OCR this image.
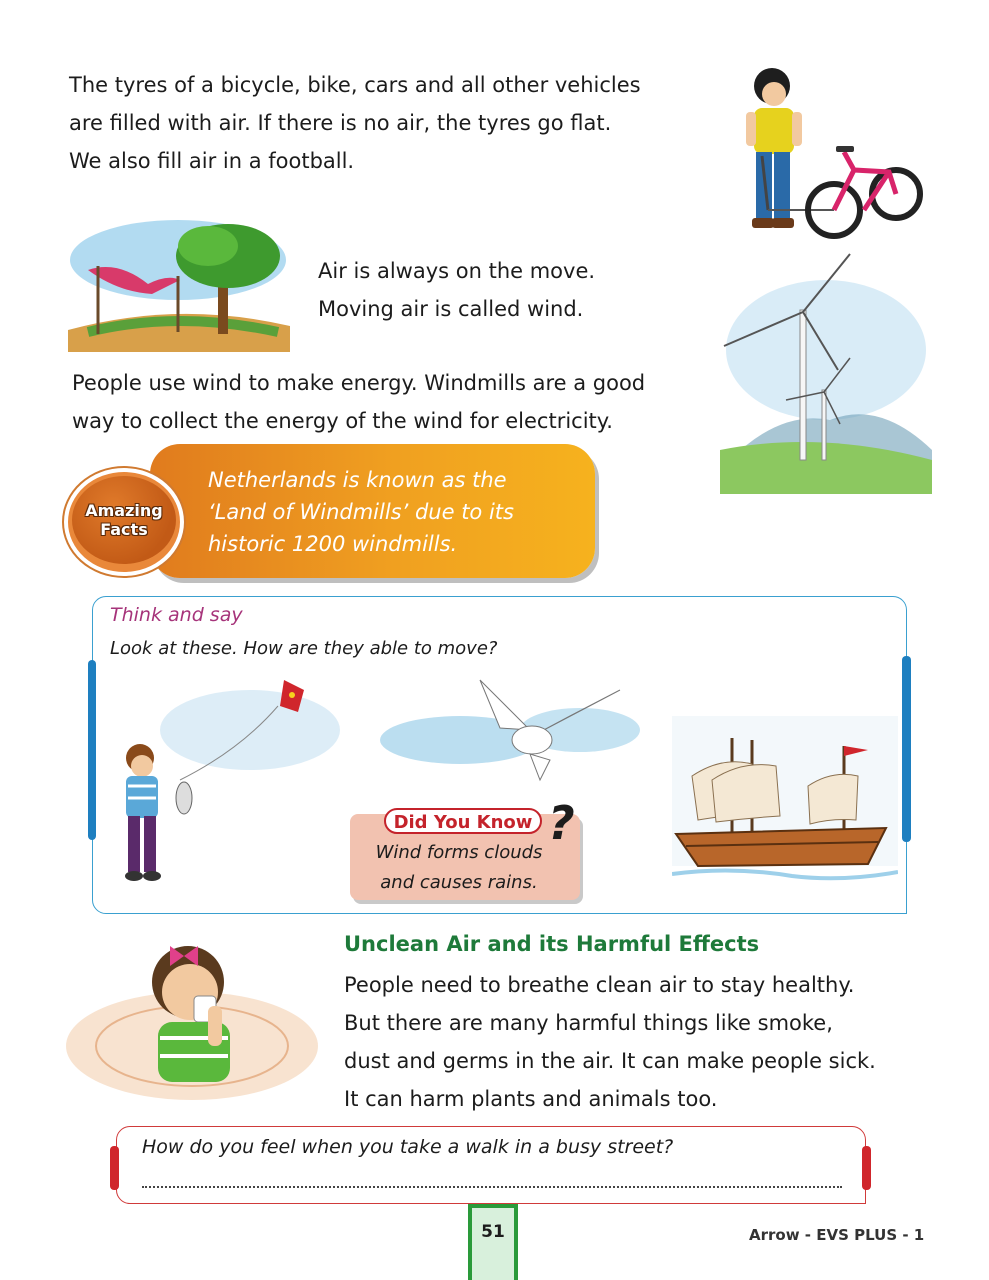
The tyres of a bicycle, bike, cars and all other vehicles

are filled with air. If there is no air, the tyres go flat.

We also fill air in a football.

Air is always on the move.

Moving air is called wind.

People use wind to make energy. Windmills are a good

way to collect the energy of the wind for electricity.

Netherlands is known as the
‘Land of Windmills’ due to its
historic 1200 windmills.
Amazing
Facts
Think and say
Look at these. How are they able to move?
Did You Know ?
Wind forms clouds
and causes rains.
Unclean Air and its Harmful Effects

People need to breathe clean air to stay healthy.

But there are many harmful things like smoke,

dust and germs in the air. It can make people sick.

It can harm plants and animals too.

How do you feel when you take a walk in a busy street?
51	Arrow - EVS PLUS - 1
